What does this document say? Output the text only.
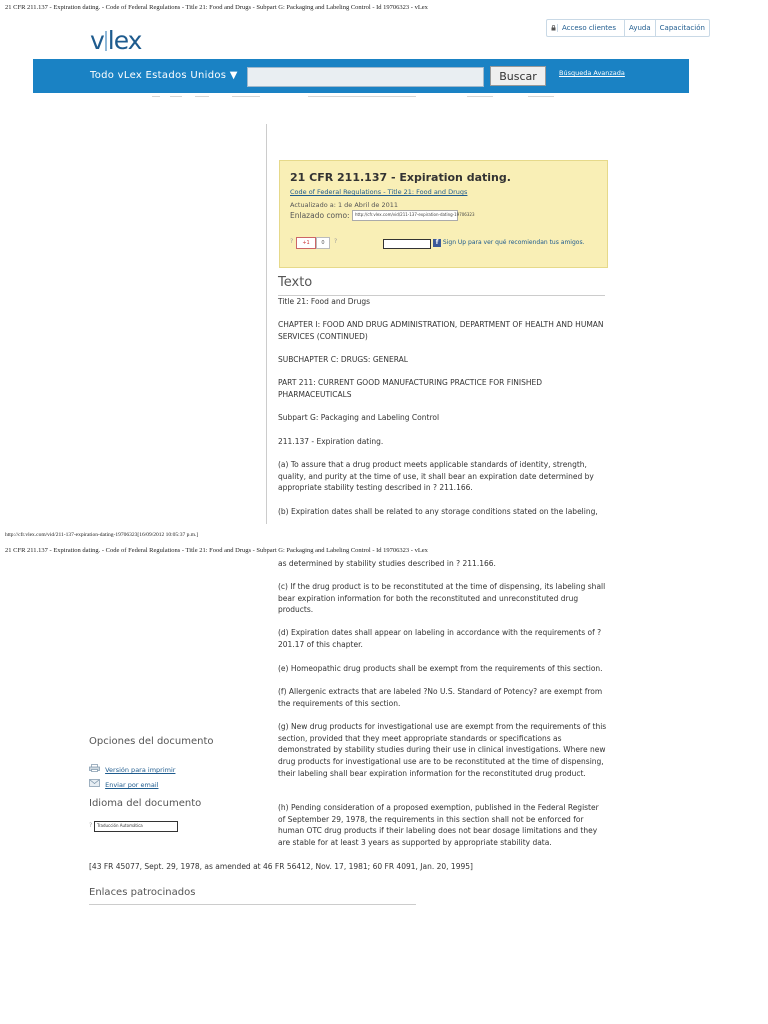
21 CFR 211.137 - Expiration dating. - Code of Federal Regulations - Title 21: Food and Drugs - Subpart G: Packaging and Labeling Control - Id 19706323 - vLex
v lex	Acceso clientes	Ayuda	Capacitación
Todo vLex Estados Unidos ▼	Buscar	Búsqueda Avanzada
21 CFR 211.137 - Expiration dating.
Code of Federal Regulations - Title 21: Food and Drugs
Actualizado a: 1 de Abril de 2011
Enlazado como:	http://cfr.vlex.com/vid/211-137-expiration-dating-19706323
?	+1	0	?	f Sign Up para ver qué recomiendan tus amigos.
Texto
Title 21: Food and Drugs
CHAPTER I: FOOD AND DRUG ADMINISTRATION, DEPARTMENT OF HEALTH AND HUMAN SERVICES (CONTINUED)
SUBCHAPTER C: DRUGS: GENERAL
PART 211: CURRENT GOOD MANUFACTURING PRACTICE FOR FINISHED PHARMACEUTICALS
Subpart G: Packaging and Labeling Control
211.137 - Expiration dating.
(a) To assure that a drug product meets applicable standards of identity, strength, quality, and purity at the time of use, it shall bear an expiration date determined by appropriate stability testing described in ? 211.166.
(b) Expiration dates shall be related to any storage conditions stated on the labeling,
http://cfr.vlex.com/vid/211-137-expiration-dating-19706323[16/09/2012 10:05:37 p.m.]
21 CFR 211.137 - Expiration dating. - Code of Federal Regulations - Title 21: Food and Drugs - Subpart G: Packaging and Labeling Control - Id 19706323 - vLex
as determined by stability studies described in ? 211.166.
(c) If the drug product is to be reconstituted at the time of dispensing, its labeling shall bear expiration information for both the reconstituted and unreconstituted drug products.
(d) Expiration dates shall appear on labeling in accordance with the requirements of ? 201.17 of this chapter.
(e) Homeopathic drug products shall be exempt from the requirements of this section.
(f) Allergenic extracts that are labeled ?No U.S. Standard of Potency? are exempt from the requirements of this section.
(g) New drug products for investigational use are exempt from the requirements of this section, provided that they meet appropriate standards or specifications as demonstrated by stability studies during their use in clinical investigations. Where new drug products for investigational use are to be reconstituted at the time of dispensing, their labeling shall bear expiration information for the reconstituted drug product.
(h) Pending consideration of a proposed exemption, published in the Federal Register of September 29, 1978, the requirements in this section shall not be enforced for human OTC drug products if their labeling does not bear dosage limitations and they are stable for at least 3 years as supported by appropriate stability data.
[43 FR 45077, Sept. 29, 1978, as amended at 46 FR 56412, Nov. 17, 1981; 60 FR 4091, Jan. 20, 1995]
Opciones del documento
Versión para imprimir
Enviar por email
Idioma del documento
?	Traducción Automática
Enlaces patrocinados
